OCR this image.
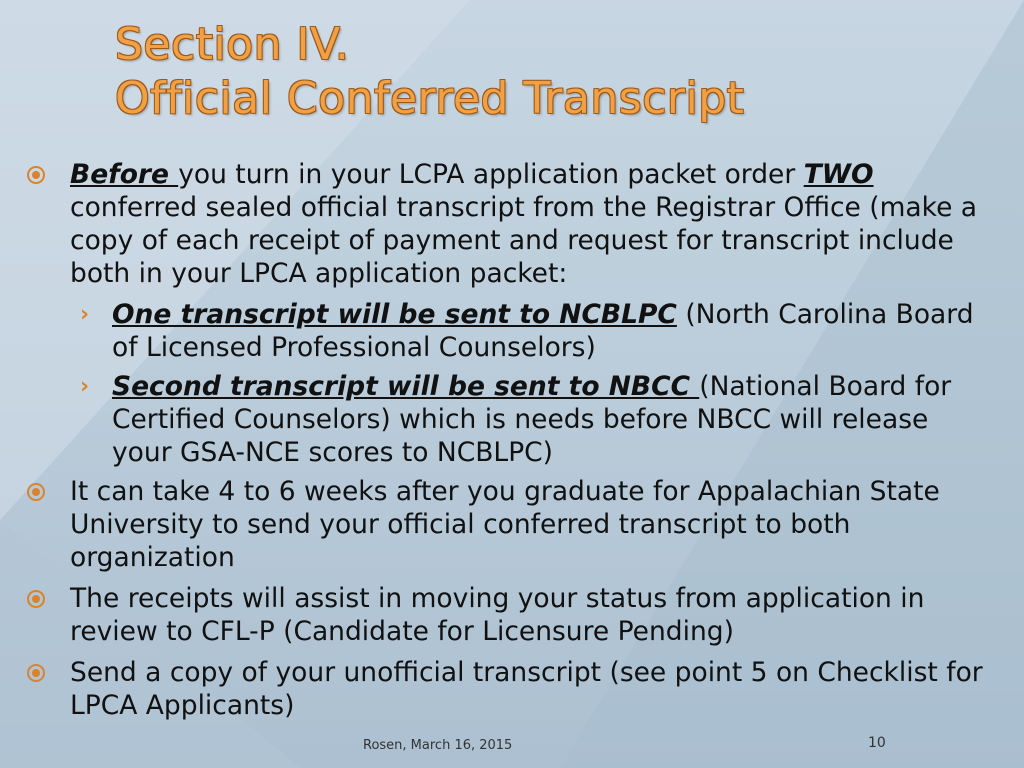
Section IV.
Official Conferred Transcript
Before you turn in your LCPA application packet order TWO conferred sealed official transcript from the Registrar Office (make a copy of each receipt of payment and request for transcript include both in your LPCA application packet:
› One transcript will be sent to NCBLPC (North Carolina Board of Licensed Professional Counselors)
› Second transcript will be sent to NBCC (National Board for Certified Counselors) which is needs before NBCC will release your GSA-NCE scores to NCBLPC)
It can take 4 to 6 weeks after you graduate for Appalachian State University to send your official conferred transcript to both organization
The receipts will assist in moving your status from application in review to CFL-P (Candidate for Licensure Pending)
Send a copy of your unofficial transcript (see point 5 on Checklist for LPCA Applicants)
Rosen, March 16, 2015	10
